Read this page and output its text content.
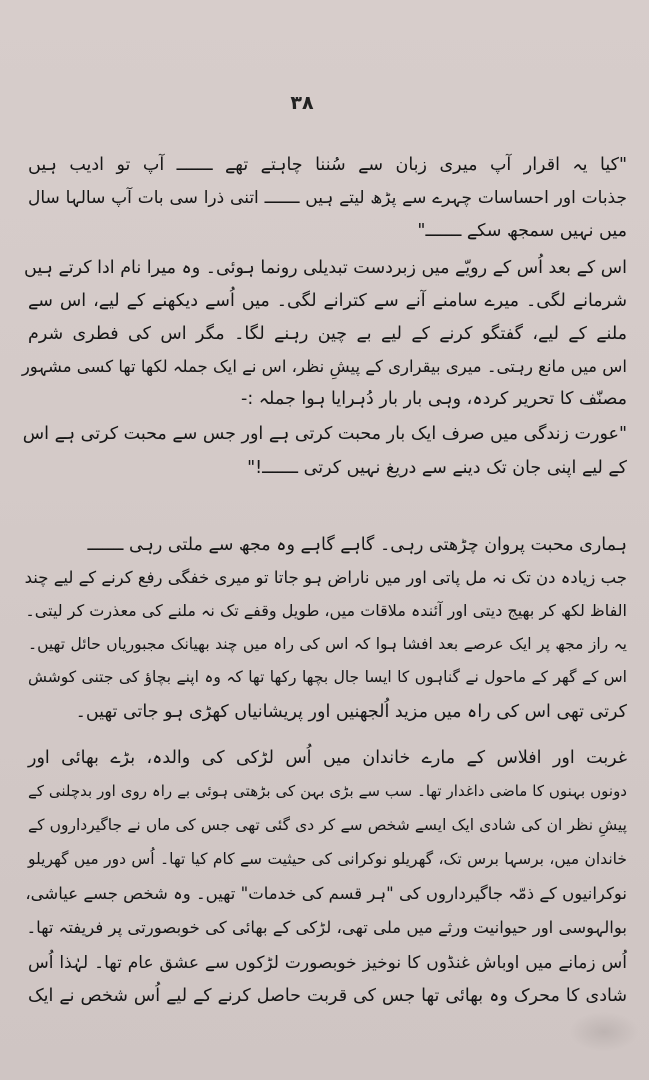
۳۸
"کیا یہ اقرار آپ میری زبان سے سُننا چاہتے تھے ـــــــ آپ تو ادیب ہیں
جذبات اور احساسات چہرے سے پڑھ لیتے ہیں ـــــــ اتنی ذرا سی بات آپ سالہا سال
میں نہیں سمجھ سکے ـــــــ"
اس کے بعد اُس کے رویّے میں زبردست تبدیلی رونما ہوئی۔ وہ میرا نام ادا کرتے ہیں
شرمانے لگی۔ میرے سامنے آنے سے کترانے لگی۔ میں اُسے دیکھنے کے لیے، اس سے
ملنے کے لیے، گفتگو کرنے کے لیے بے چین رہنے لگا۔ مگر اس کی فطری شرم
اس میں مانع رہتی۔ میری بیقراری کے پیشِ نظر، اس نے ایک جملہ لکھا تھا کسی مشہور
مصنّف کا تحریر کردہ، وہی بار بار دُہرایا ہوا جملہ :-
"عورت زندگی میں صرف ایک بار محبت کرتی ہے اور جس سے محبت کرتی ہے اس
کے لیے اپنی جان تک دینے سے دریغ نہیں کرتی ـــــــ!"
ہماری محبت پروان چڑھتی رہی۔ گاہے گاہے وہ مجھ سے ملتی رہی ـــــــ
جب زیادہ دن تک نہ مل پاتی اور میں ناراض ہو جاتا تو میری خفگی رفع کرنے کے لیے چند
الفاظ لکھ کر بھیج دیتی اور آئندہ ملاقات میں، طویل وقفے تک نہ ملنے کی معذرت کر لیتی۔
یہ راز مجھ پر ایک عرصے بعد افشا ہوا کہ اس کی راہ میں چند بھیانک مجبوریاں حائل تھیں۔
اس کے گھر کے ماحول نے گناہوں کا ایسا جال بچھا رکھا تھا کہ وہ اپنے بچاؤ کی جتنی کوشش
کرتی تھی اس کی راہ میں مزید اُلجھنیں اور پریشانیاں کھڑی ہو جاتی تھیں۔
غربت اور افلاس کے مارے خاندان میں اُس لڑکی کی والدہ، بڑے بھائی اور
دونوں بہنوں کا ماضی داغدار تھا۔ سب سے بڑی بہن کی بڑھتی ہوئی بے راہ روی اور بدچلنی کے
پیشِ نظر ان کی شادی ایک ایسے شخص سے کر دی گئی تھی جس کی ماں نے جاگیرداروں کے
خاندان میں، برسہا برس تک، گھریلو نوکرانی کی حیثیت سے کام کیا تھا۔ اُس دور میں گھریلو
نوکرانیوں کے ذمّہ جاگیرداروں کی "ہر قسم کی خدمات" تھیں۔ وہ شخص جسے عیاشی،
بوالہوسی اور حیوانیت ورثے میں ملی تھی، لڑکی کے بھائی کی خوبصورتی پر فریفتہ تھا۔
اُس زمانے میں اوباش غنڈوں کا نوخیز خوبصورت لڑکوں سے عشق عام تھا۔ لہٰذا اُس
شادی کا محرک وہ بھائی تھا جس کی قربت حاصل کرنے کے لیے اُس شخص نے ایک
